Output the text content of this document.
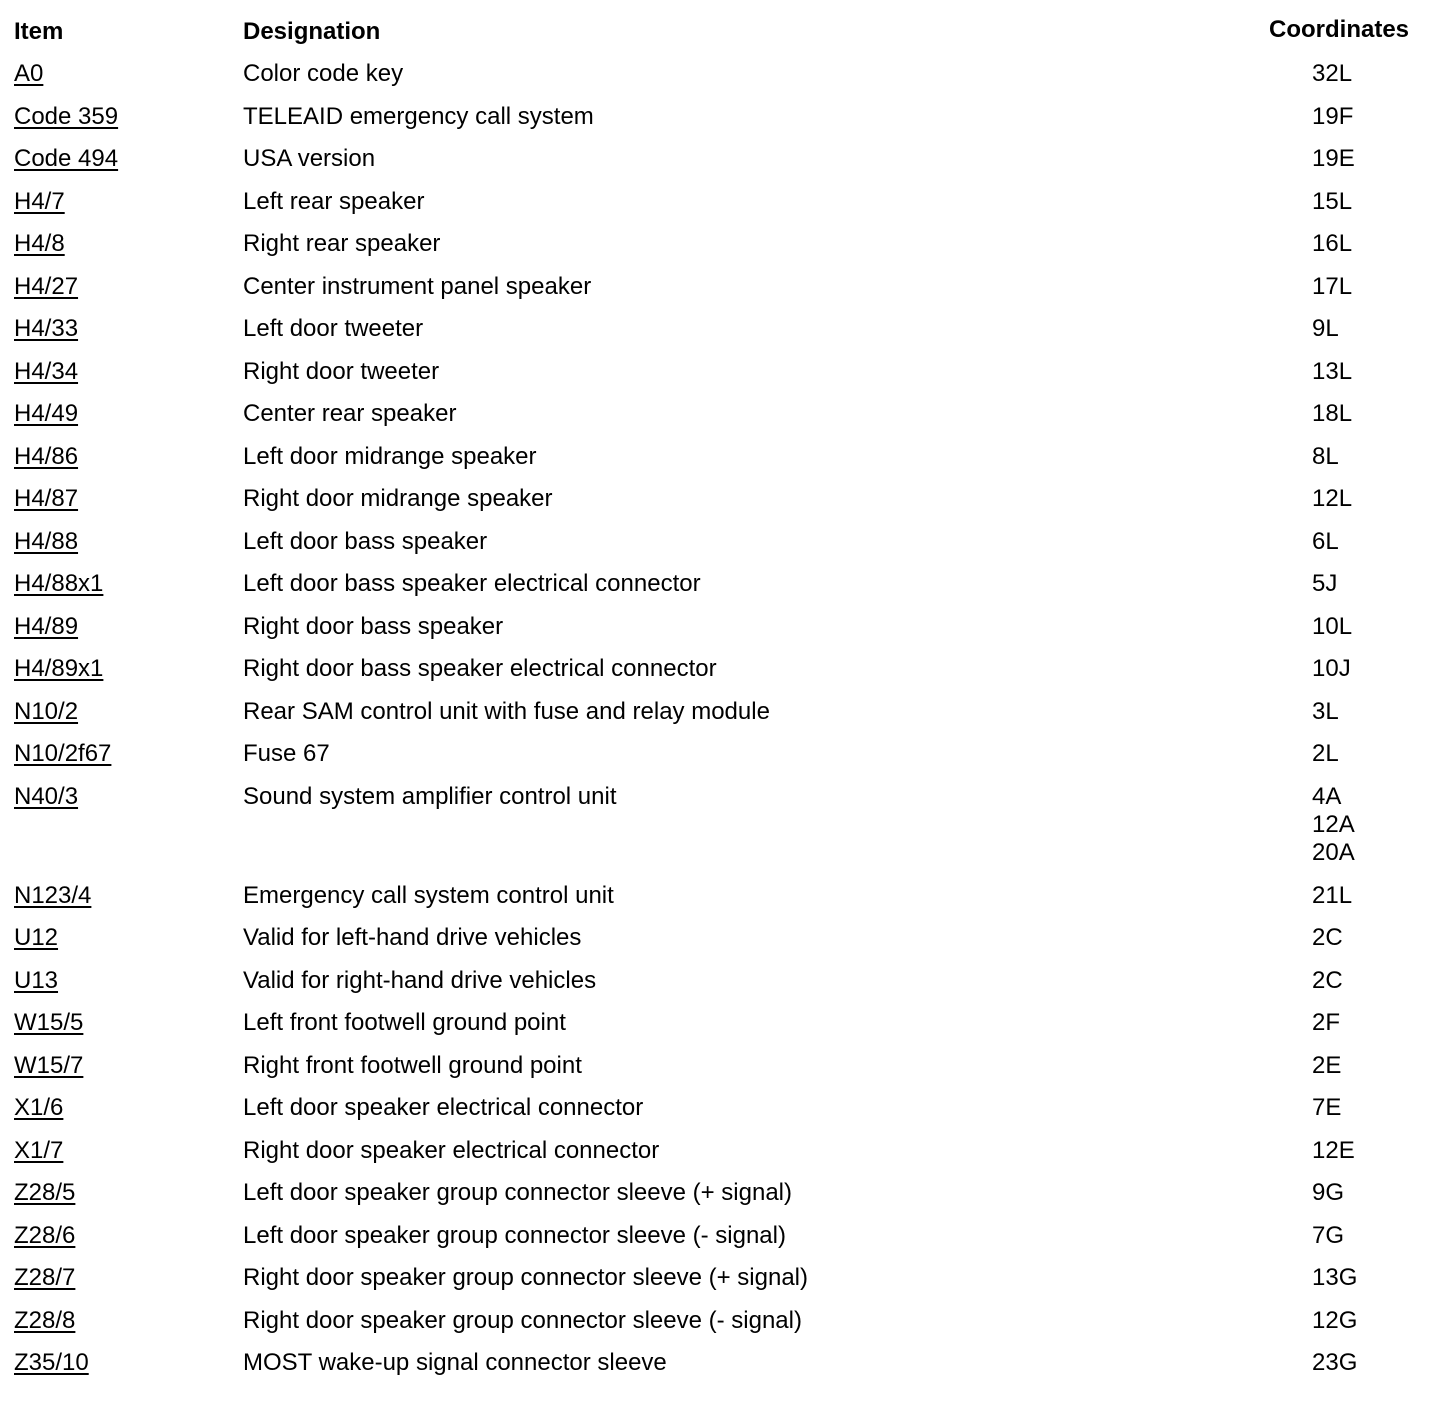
Item	Designation	Coordinates
A0	Color code key	32L
Code 359	TELEAID emergency call system	19F
Code 494	USA version	19E
H4/7	Left rear speaker	15L
H4/8	Right rear speaker	16L
H4/27	Center instrument panel speaker	17L
H4/33	Left door tweeter	9L
H4/34	Right door tweeter	13L
H4/49	Center rear speaker	18L
H4/86	Left door midrange speaker	8L
H4/87	Right door midrange speaker	12L
H4/88	Left door bass speaker	6L
H4/88x1	Left door bass speaker electrical connector	5J
H4/89	Right door bass speaker	10L
H4/89x1	Right door bass speaker electrical connector	10J
N10/2	Rear SAM control unit with fuse and relay module	3L
N10/2f67	Fuse 67	2L
N40/3	Sound system amplifier control unit	4A
12A
20A
N123/4	Emergency call system control unit	21L
U12	Valid for left-hand drive vehicles	2C
U13	Valid for right-hand drive vehicles	2C
W15/5	Left front footwell ground point	2F
W15/7	Right front footwell ground point	2E
X1/6	Left door speaker electrical connector	7E
X1/7	Right door speaker electrical connector	12E
Z28/5	Left door speaker group connector sleeve (+ signal)	9G
Z28/6	Left door speaker group connector sleeve (- signal)	7G
Z28/7	Right door speaker group connector sleeve (+ signal)	13G
Z28/8	Right door speaker group connector sleeve (- signal)	12G
Z35/10	MOST wake-up signal connector sleeve	23G
